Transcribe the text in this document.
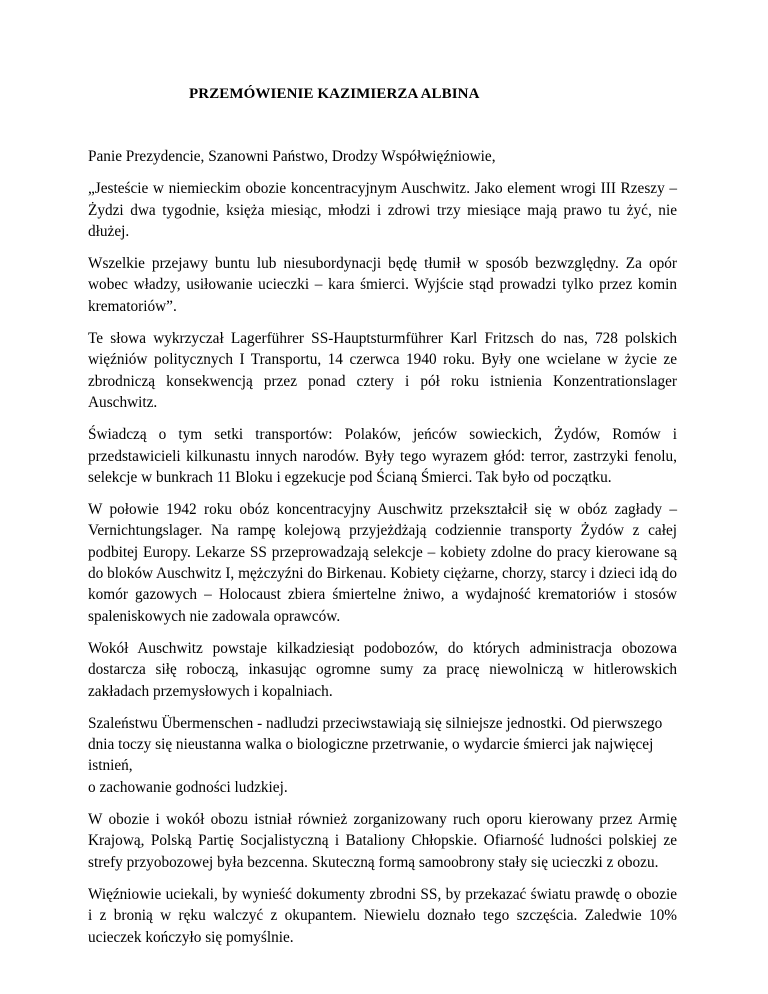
PRZEMÓWIENIE KAZIMIERZA ALBINA

Panie Prezydencie, Szanowni Państwo, Drodzy Współwięźniowie,

„Jesteście w niemieckim obozie koncentracyjnym Auschwitz. Jako element wrogi III Rzeszy – Żydzi dwa tygodnie, księża miesiąc, młodzi i zdrowi trzy miesiące mają prawo tu żyć, nie dłużej.

Wszelkie przejawy buntu lub niesubordynacji będę tłumił w sposób bezwzględny. Za opór wobec władzy, usiłowanie ucieczki – kara śmierci. Wyjście stąd prowadzi tylko przez komin krematoriów”.

Te słowa wykrzyczał Lagerführer SS-Hauptsturmführer Karl Fritzsch do nas, 728 polskich więźniów politycznych I Transportu, 14 czerwca 1940 roku. Były one wcielane w życie ze zbrodniczą konsekwencją przez ponad cztery i pół roku istnienia Konzentrationslager Auschwitz.

Świadczą o tym setki transportów: Polaków, jeńców sowieckich, Żydów, Romów i przedstawicieli kilkunastu innych narodów. Były tego wyrazem głód: terror, zastrzyki fenolu, selekcje w bunkrach 11 Bloku i egzekucje pod Ścianą Śmierci. Tak było od początku.

W połowie 1942 roku obóz koncentracyjny Auschwitz przekształcił się w obóz zagłady – Vernichtungslager. Na rampę kolejową przyjeżdżają codziennie transporty Żydów z całej podbitej Europy. Lekarze SS przeprowadzają selekcje – kobiety zdolne do pracy kierowane są do bloków Auschwitz I, mężczyźni do Birkenau. Kobiety ciężarne, chorzy, starcy i dzieci idą do komór gazowych – Holocaust zbiera śmiertelne żniwo, a wydajność krematoriów i stosów spaleniskowych nie zadowala oprawców.

Wokół Auschwitz powstaje kilkadziesiąt podobozów, do których administracja obozowa dostarcza siłę roboczą, inkasując ogromne sumy za pracę niewolniczą w hitlerowskich zakładach przemysłowych i kopalniach.

Szaleństwu Übermenschen - nadludzi przeciwstawiają się silniejsze jednostki. Od pierwszego dnia toczy się nieustanna walka o biologiczne przetrwanie, o wydarcie śmierci jak najwięcej istnień,
o zachowanie godności ludzkiej.

W obozie i wokół obozu istniał również zorganizowany ruch oporu kierowany przez Armię Krajową, Polską Partię Socjalistyczną i Bataliony Chłopskie. Ofiarność ludności polskiej ze strefy przyobozowej była bezcenna. Skuteczną formą samoobrony stały się ucieczki z obozu.

Więźniowie uciekali, by wynieść dokumenty zbrodni SS, by przekazać światu prawdę o obozie i z bronią w ręku walczyć z okupantem. Niewielu doznało tego szczęścia. Zaledwie 10% ucieczek kończyło się pomyślnie.
